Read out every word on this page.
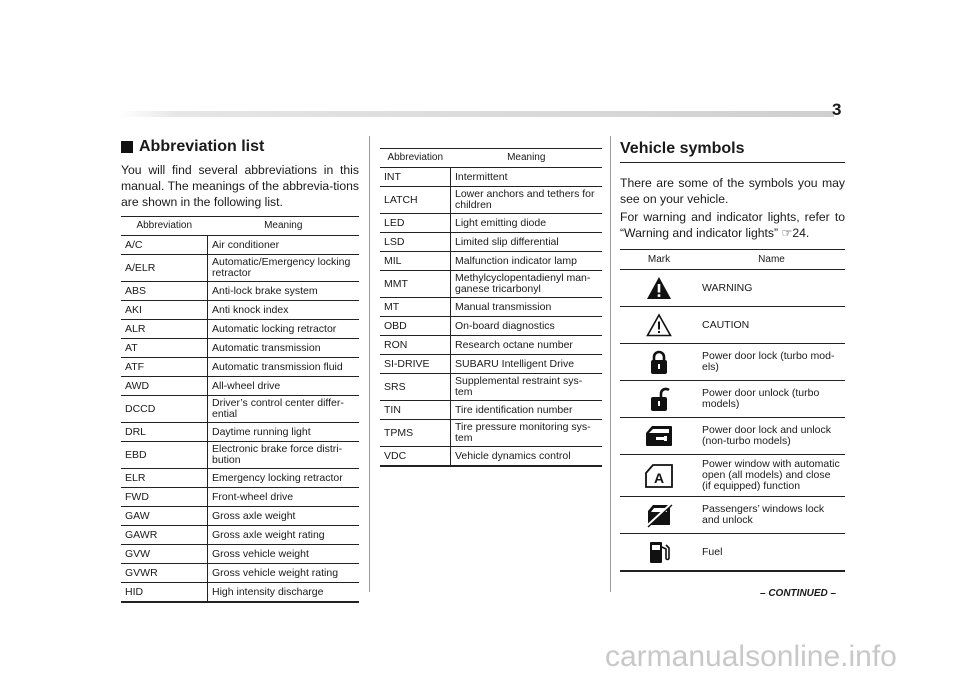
3
Abbreviation list

You will find several abbreviations in this manual. The meanings of the abbrevia-tions are shown in the following list.

Abbreviation	Meaning
A/C	Air conditioner
A/ELR	Automatic/Emergency locking retractor
ABS	Anti-lock brake system
AKI	Anti knock index
ALR	Automatic locking retractor
AT	Automatic transmission
ATF	Automatic transmission fluid
AWD	All-wheel drive
DCCD	Driver’s control center differ-ential
DRL	Daytime running light
EBD	Electronic brake force distri-bution
ELR	Emergency locking retractor
FWD	Front-wheel drive
GAW	Gross axle weight
GAWR	Gross axle weight rating
GVW	Gross vehicle weight
GVWR	Gross vehicle weight rating
HID	High intensity discharge
Abbreviation	Meaning
INT	Intermittent
LATCH	Lower anchors and tethers for children
LED	Light emitting diode
LSD	Limited slip differential
MIL	Malfunction indicator lamp
MMT	Methylcyclopentadienyl man-ganese tricarbonyl
MT	Manual transmission
OBD	On-board diagnostics
RON	Research octane number
SI-DRIVE	SUBARU Intelligent Drive
SRS	Supplemental restraint sys-tem
TIN	Tire identification number
TPMS	Tire pressure monitoring sys-tem
VDC	Vehicle dynamics control
Vehicle symbols

There are some of the symbols you may see on your vehicle.

For warning and indicator lights, refer to “Warning and indicator lights” ☞24.

Mark	Name

	WARNING

	CAUTION

	Power door lock (turbo mod-els)

	Power door unlock (turbo models)

	Power door lock and unlock (non-turbo models)

A	Power window with automatic open (all models) and close (if equipped) function

	Passengers’ windows lock and unlock

	Fuel
– CONTINUED –
carmanualsonline.info
